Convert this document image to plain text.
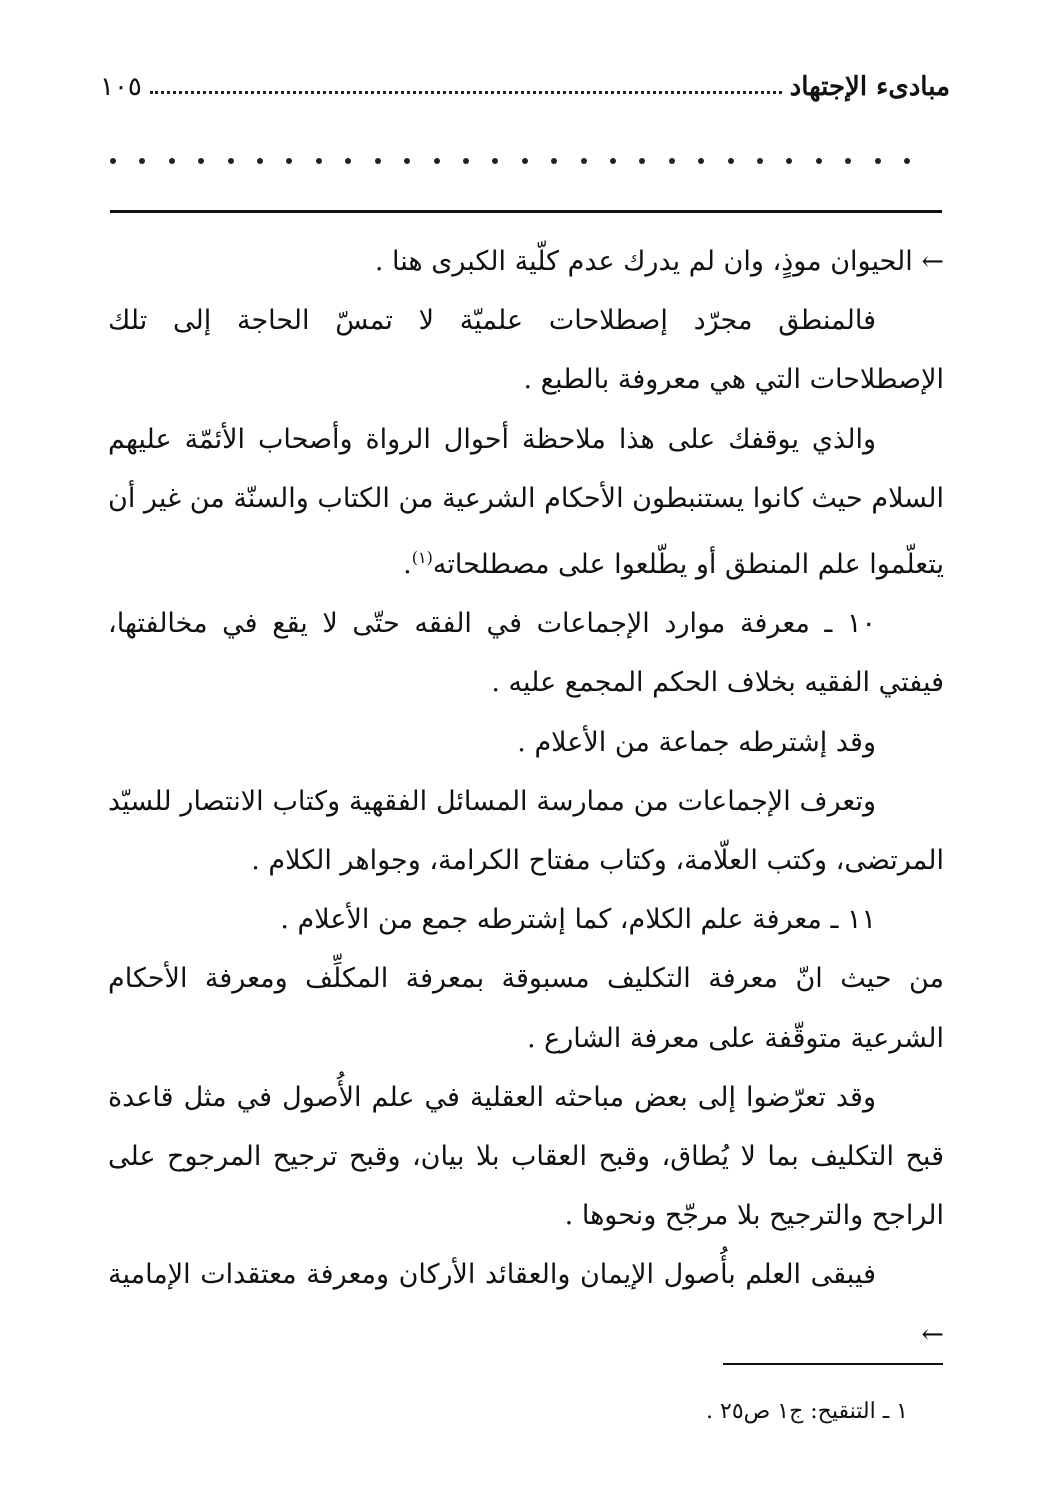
مبادىء الإجتهاد
١٠٥

← الحيوان موذٍ، وان لم يدرك عدم كلّية الكبرى هنا .

فالمنطق مجرّد إصطلاحات علميّة لا تمسّ الحاجة إلى تلك الإصطلاحات التي هي معروفة بالطبع .

والذي يوقفك على هذا ملاحظة أحوال الرواة وأصحاب الأئمّة عليهم السلام حيث كانوا يستنبطون الأحكام الشرعية من الكتاب والسنّة من غير أن يتعلّموا علم المنطق أو يطّلعوا على مصطلحاته$^{(١)}$.

١٠ ـ معرفة موارد الإجماعات في الفقه حتّى لا يقع في مخالفتها، فيفتي الفقيه بخلاف الحكم المجمع عليه .

وقد إشترطه جماعة من الأعلام .

وتعرف الإجماعات من ممارسة المسائل الفقهية وكتاب الانتصار للسيّد المرتضى، وكتب العلّامة، وكتاب مفتاح الكرامة، وجواهر الكلام .

١١ ـ معرفة علم الكلام، كما إشترطه جمع من الأعلام .

من حيث انّ معرفة التكليف مسبوقة بمعرفة المكلِّف ومعرفة الأحكام الشرعية متوقّفة على معرفة الشارع .

وقد تعرّضوا إلى بعض مباحثه العقلية في علم الأُصول في مثل قاعدة قبح التكليف بما لا يُطاق، وقبح العقاب بلا بيان، وقبح ترجيح المرجوح على الراجح والترجيح بلا مرجّح ونحوها .

فيبقى العلم بأُصول الإيمان والعقائد الأركان ومعرفة معتقدات الإمامية ←

١ ـ التنقيح: ج١ ص٢٥ .
